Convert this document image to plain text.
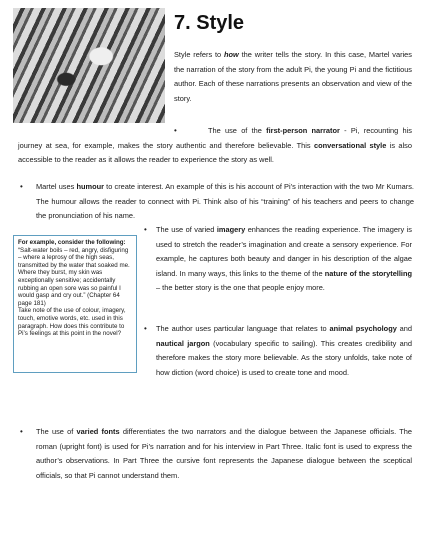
7. Style

Style refers to how the writer tells the story. In this case, Martel varies the narration of the story from the adult Pi, the young Pi and the fictitious author. Each of these narrations presents an observation and view of the story.

•	The use of the first-person narrator - Pi, recounting his journey at sea, for example, makes the story authentic and therefore believable. This conversational style is also accessible to the reader as it allows the reader to experience the story as well.

• Martel uses humour to create interest. An example of this is his account of Pi’s interaction with the two Mr Kumars. The humour allows the reader to connect with Pi. Think also of his “training” of his teachers and peers to change the pronunciation of his name.

For example, consider the following:

“Salt-water boils – red, angry, disfiguring – where a leprosy of the high seas, transmitted by the water that soaked me. Where they burst, my skin was exceptionally sensitive; accidentally rubbing an open sore was so painful I would gasp and cry out.” (Chapter 64 page 181)

Take note of the use of colour, imagery, touch, emotive words, etc. used in this paragraph. How does this contribute to Pi’s feelings at this point in the novel?

• The use of varied imagery enhances the reading experience. The imagery is used to stretch the reader’s imagination and create a sensory experience. For example, he captures both beauty and danger in his description of the algae island. In many ways, this links to the theme of the nature of the storytelling – the better story is the one that people enjoy more.

• The author uses particular language that relates to animal psychology and nautical jargon (vocabulary specific to sailing). This creates credibility and therefore makes the story more believable. As the story unfolds, take note of how diction (word choice) is used to create tone and mood.

• The use of varied fonts differentiates the two narrators and the dialogue between the Japanese officials. The roman (upright font) is used for Pi’s narration and for his interview in Part Three. Italic font is used to express the author’s observations. In Part Three the cursive font represents the Japanese dialogue between the sceptical officials, so that Pi cannot understand them.
